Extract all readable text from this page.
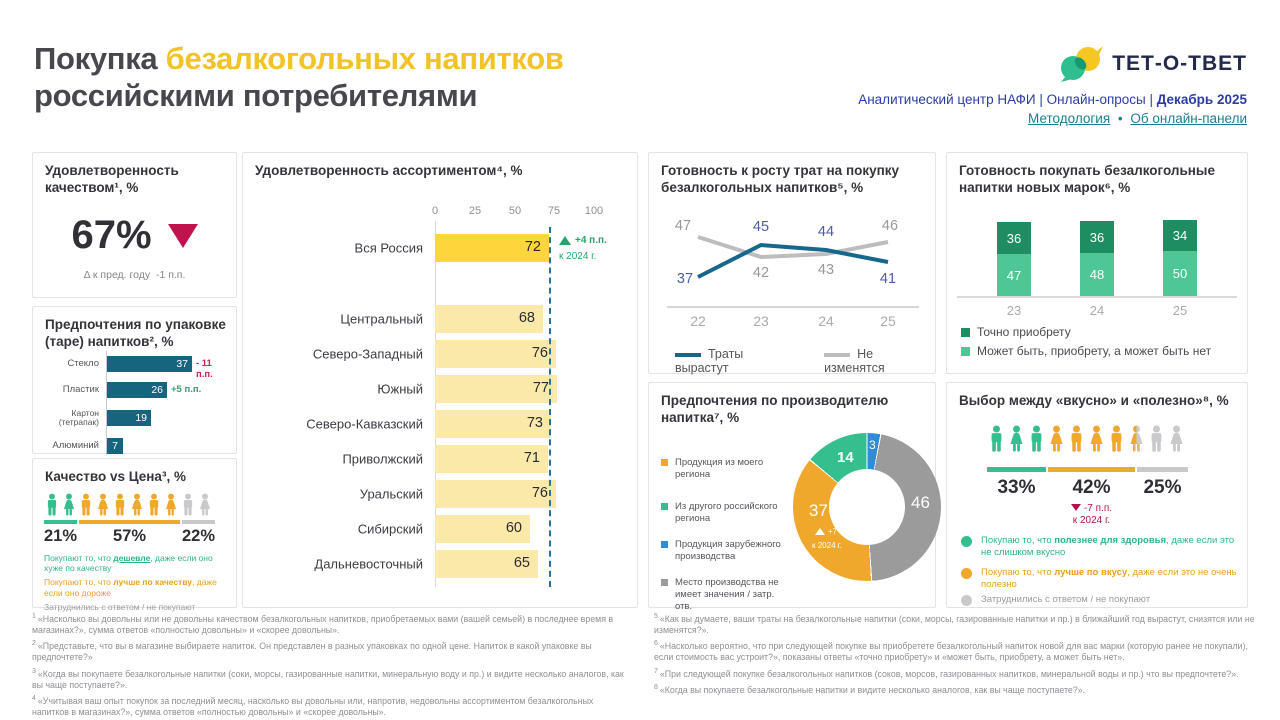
Покупка безалкогольных напитков
российскими потребителями
ТЕТ-О-ТВЕТ
Аналитический центр НАФИ | Онлайн-опросы | Декабрь 2025
Методология • Об онлайн-панели
Удовлетворенность качеством¹, %
67%
Δ к пред. году -1 п.п.
Предпочтения по упаковке (таре) напитков², %
Стекло	37 - 11 п.п.
Пластик	26 +5 п.п.
Картон (тетрапак)	19
Алюминий 7
Качество vs Цена³, %
21%	57%	22%

Покупают то, что дешевле, даже если оно хуже по качеству

Покупают то, что лучше по качеству, даже если оно дороже

Затруднились с ответом / не покупают

Удовлетворенность ассортиментом⁴, %
0	25	50 75 100
Вся Россия	72
Центральный	68
Северо-Западный	76
Южный	77
Северо-Кавказский	73
Приволжский	71
Уральский	76
Сибирский	60
Дальневосточный	65
+4 п.п.
к 2024 г.
Готовность к росту трат на покупку безалкогольных напитков⁵, %
47
42	43
46
37
45	44
41
22	23	24	25
Траты вырастут
Не изменятся
Готовность покупать безалкогольные напитки новых марок⁶, %
36
47
36
48
34
50
23	24	25
Точно приобрету
Может быть, приобрету, а может быть нет
Предпочтения по производителю напитка⁷, %
Продукция из моего региона
Из другого российского региона
Продукция зарубежного производства
Место производства не имеет значения / затр. отв.
14
3
46
37
+7 п.п.
к 2024 г.
Выбор между «вкусно» и «полезно»⁸, %
33%	42%	25%
-7 п.п.
к 2024 г.
Покупаю то, что полезнее для здоровья, даже если это не слишком вкусно
Покупаю то, что лучше по вкусу, даже если это не очень полезно
Затруднились с ответом / не покупают

$^1$ «Насколько вы довольны или не довольны качеством безалкогольных напитков, приобретаемых вами (вашей семьей) в последнее время в магазинах?», сумма ответов «полностью довольны» и «скорее довольны».

$^2$ «Представьте, что вы в магазине выбираете напиток. Он представлен в разных упаковках по одной цене. Напиток в какой упаковке вы предпочтете?»

$^3$ «Когда вы покупаете безалкогольные напитки (соки, морсы, газированные напитки, минеральную воду и пр.) и видите несколько аналогов, как вы чаще поступаете?».

$^4$ «Учитывая ваш опыт покупок за последний месяц, насколько вы довольны или, напротив, недовольны ассортиментом безалкогольных напитков в магазинах?», сумма ответов «полностью довольны» и «скорее довольны».

$^5$ «Как вы думаете, ваши траты на безалкогольные напитки (соки, морсы, газированные напитки и пр.) в ближайший год вырастут, снизятся или не изменятся?».

$^6$ «Насколько вероятно, что при следующей покупке вы приобретете безалкогольный напиток новой для вас марки (которую ранее не покупали), если стоимость вас устроит?», показаны ответы «точно приобрету» и «может быть, приобрету, а может быть нет».

$^7$ «При следующей покупке безалкогольных напитков (соков, морсов, газированных напитков, минеральной воды и пр.) что вы предпочтете?».

$^8$ «Когда вы покупаете безалкогольные напитки и видите несколько аналогов, как вы чаще поступаете?».
